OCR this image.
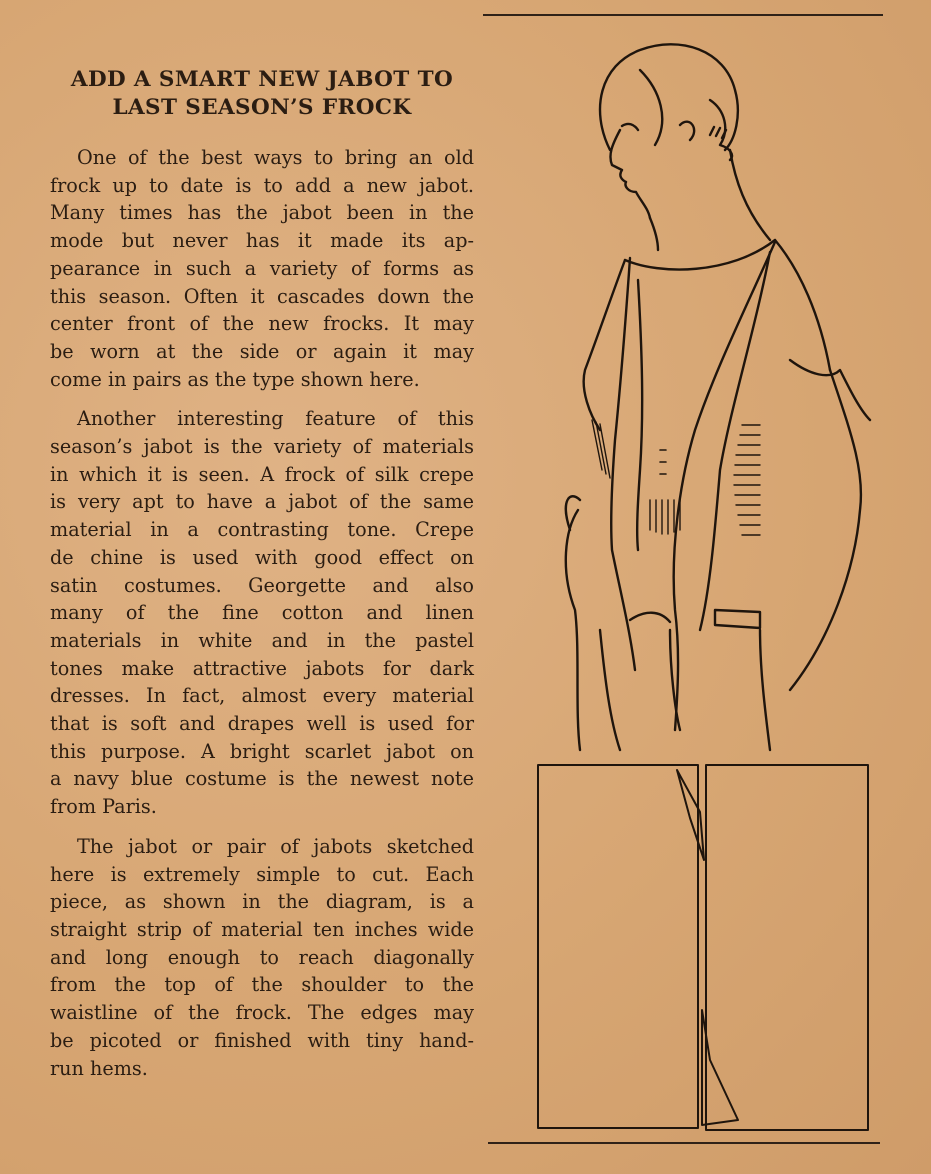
ADD A SMART NEW JABOT TO
LAST SEASON’S FROCK

One of the best ways to bring an old
frock up to date is to add a new jabot.
Many times has the jabot been in the
mode but never has it made its ap-
pearance in such a variety of forms as
this season. Often it cascades down the
center front of the new frocks. It may
be worn at the side or again it may
come in pairs as the type shown here.

Another interesting feature of this
season’s jabot is the variety of materials
in which it is seen. A frock of silk crepe
is very apt to have a jabot of the same
material in a contrasting tone. Crepe
de chine is used with good effect on
satin costumes. Georgette and also
many of the fine cotton and linen
materials in white and in the pastel
tones make attractive jabots for dark
dresses. In fact, almost every material
that is soft and drapes well is used for
this purpose. A bright scarlet jabot on
a navy blue costume is the newest note
from Paris.

The jabot or pair of jabots sketched
here is extremely simple to cut. Each
piece, as shown in the diagram, is a
straight strip of material ten inches wide
and long enough to reach diagonally
from the top of the shoulder to the
waistline of the frock. The edges may
be picoted or finished with tiny hand-
run hems.
